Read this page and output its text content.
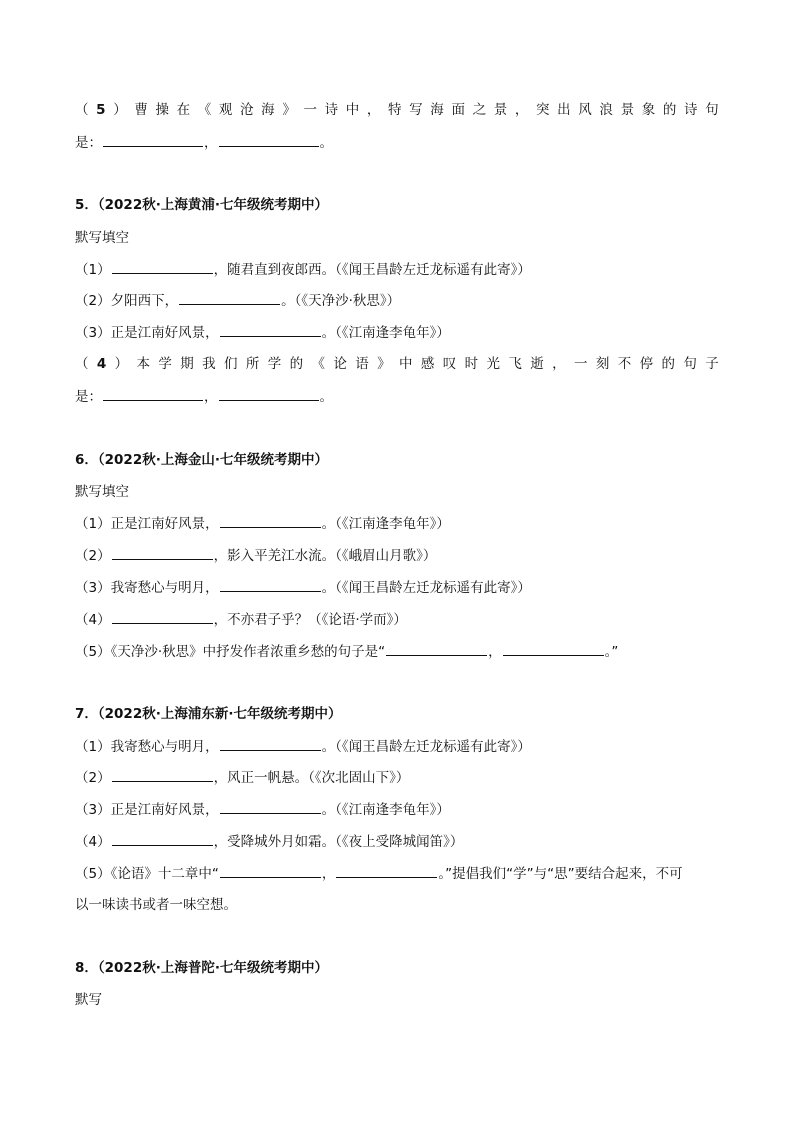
（ 5 ） 曹 操 在 《 观 沧 海 》 一 诗 中 ， 特 写 海 面 之 景 ， 突 出 风 浪 景 象 的 诗 句
是：	，	。
5．（2022秋·上海黄浦·七年级统考期中）
默写填空
（1）	，随君直到夜郎西。（《闻王昌龄左迁龙标遥有此寄》）
（2）夕阳西下，	。（《天净沙·秋思》）
（3）正是江南好风景，	。（《江南逢李龟年》）
（ 4 ） 本 学 期 我 们 所 学 的 《 论 语 》 中 感 叹 时 光 飞 逝 ， 一 刻 不 停 的 句 子
是：	，	。
6．（2022秋·上海金山·七年级统考期中）
默写填空
（1）正是江南好风景，	。（《江南逢李龟年》）
（2）	，影入平羌江水流。（《峨眉山月歌》）
（3）我寄愁心与明月，	。（《闻王昌龄左迁龙标遥有此寄》）
（4）	，不亦君子乎？（《论语·学而》）
（5）《天净沙·秋思》中抒发作者浓重乡愁的句子是“	，	。”
7．（2022秋·上海浦东新·七年级统考期中）
（1）我寄愁心与明月，	。（《闻王昌龄左迁龙标遥有此寄》）
（2）	，风正一帆悬。（《次北固山下》）
（3）正是江南好风景，	。（《江南逢李龟年》）
（4）	，受降城外月如霜。（《夜上受降城闻笛》）
（5）《论语》十二章中“	，	。”提倡我们“学”与“思”要结合起来，不可
以一味读书或者一味空想。
8．（2022秋·上海普陀·七年级统考期中）
默写
